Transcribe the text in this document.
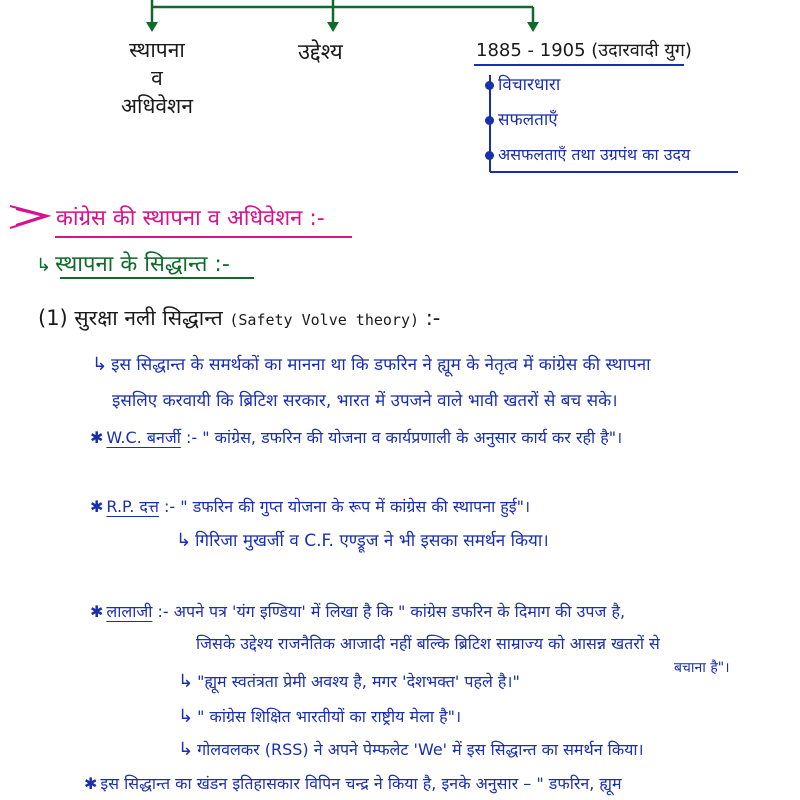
स्थापना
व
अधिवेशन
उद्देश्य	1885 - 1905 (उदारवादी युग)
विचारधारा
सफलताएँ
असफलताएँ तथा उग्रपंथ का उदय
कांग्रेस की स्थापना व अधिवेशन :-
↳ स्थापना के सिद्धान्त :-
(1) सुरक्षा नली सिद्धान्त (Safety Volve theory) :-
↳ इस सिद्धान्त के समर्थकों का मानना था कि डफरिन ने ह्यूम के नेतृत्व में कांग्रेस की स्थापना
इसलिए करवायी कि ब्रिटिश सरकार, भारत में उपजने वाले भावी खतरों से बच सके।
✱ W.C. बनर्जी :- " कांग्रेस, डफरिन की योजना व कार्यप्रणाली के अनुसार कार्य कर रही है"।
✱ R.P. दत्त :- " डफरिन की गुप्त योजना के रूप में कांग्रेस की स्थापना हुई"।
↳ गिरिजा मुखर्जी व C.F. एण्ड्रूज ने भी इसका समर्थन किया।
✱ लालाजी :- अपने पत्र 'यंग इण्डिया' में लिखा है कि " कांग्रेस डफरिन के दिमाग की उपज है,
जिसके उद्देश्य राजनैतिक आजादी नहीं बल्कि ब्रिटिश साम्राज्य को आसन्न खतरों से
बचाना है"।
↳ "ह्यूम स्वतंत्रता प्रेमी अवश्य है, मगर 'देशभक्त' पहले है।"
↳ " कांग्रेस शिक्षित भारतीयों का राष्ट्रीय मेला है"।
↳ गोलवलकर (RSS) ने अपने पेम्फलेट 'We' में इस सिद्धान्त का समर्थन किया।
✱ इस सिद्धान्त का खंडन इतिहासकार विपिन चन्द्र ने किया है, इनके अनुसार – " डफरिन, ह्यूम
